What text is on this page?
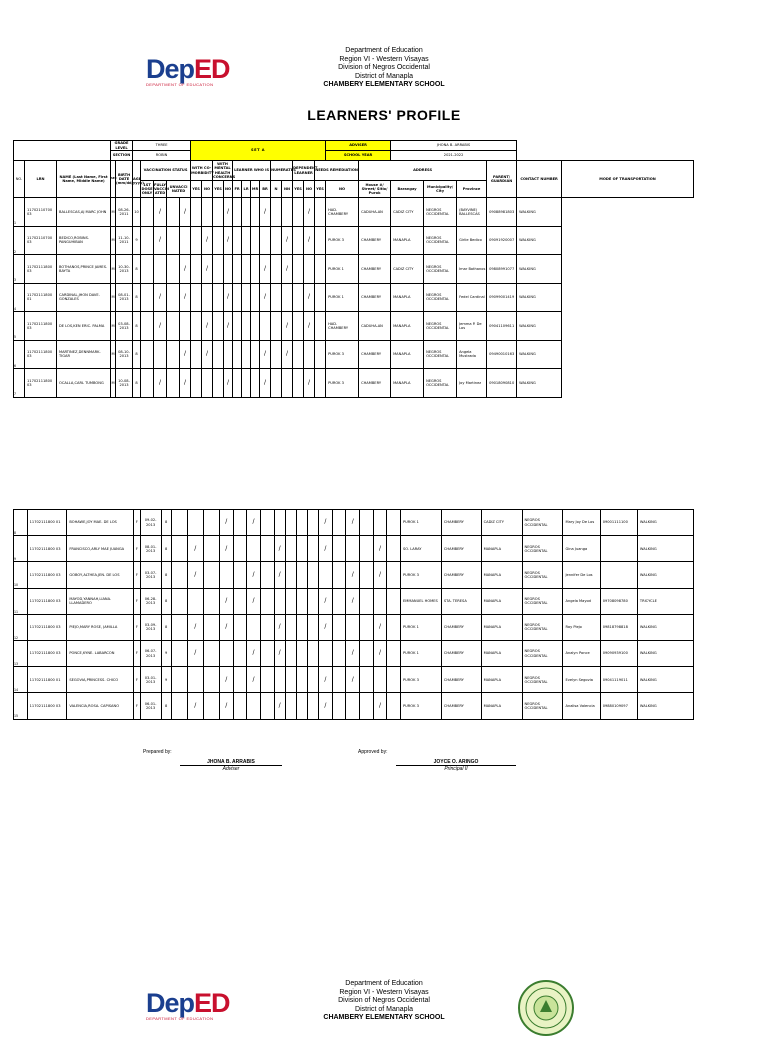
DepED
DEPARTMENT OF EDUCATION
Department of Education
Region VI - Western Visayas
Division of Negros Occidental
District of Manapla
CHAMBERY ELEMENTARY SCHOOL
LEARNERS' PROFILE
			GRADE LEVEL		THREE					SET A													ADVISER		JHONA B. ARRABIS					
			SECTION		ROBIN																		SCHOOL YEAR		2021-2022					
NO.	LRN	NAME (Last Name, First Name, Middle Name)	SEX	BIRTH DATE (mm/dd/yyyy)	AGE	VACCINATION STATUS				WITH CO-MORBIDITY		WITH MENTAL HEALTH CONCERNS		LEARNER WHO IS				NUMERATES		DEPENDENT LEARNER		NEEDS REMEDIATION		ADDRESS				PARENT/ GUARDIAN	CONTACT NUMBER	MODE OF TRANSPORTATION
						1ST DOSE ONLY	FULLY VACCIN ATED	UNVACCI NATED		YES	NO	YES	NO	FR	LR	MR	BR	N	NN	YES	NO	YES	NO	House #/ Street/ Sitio/ Purok	Barangay	Municipality/ City	Province			
1	11702110700 03	BALLESCAS,AJ MARC JOHN	M	08-26-2011	10		/		/				/				/				/		HAD. CHAMBERY	CADUHA-AN	CADIZ CITY	NEGROS OCCIDENTAL	(BAYVINE) BALLESCAS	09088981803	WALKING	
2	11702110700 03	BEDICO,ROBINS. PANGUHIBAN	M	11-10-2011	9		/				/		/						/		/		PUROK 3	CHAMBERY	MANAPLA	NEGROS OCCIDENTAL	Girlie Bedico	09091920007	WALKING	
3	11702111800 03	BOTHANOS,PRINCE JAMES. BAYTA	M	10-30-2013	8				/		/						/		/				PUROK 1	CHAMBERY	CADIZ CITY	NEGROS OCCIDENTAL	Imar Bothanos	09808991077	WALKING	
4	11702111800 01	CARDINAL,JHON DAVE. GONZALES	M	08-01-2013	8		/		/				/				/				/		PUROK 1	CHAMBERY	MANAPLA	NEGROS OCCIDENTAL	Fedel Cardinal	09099001419	WALKING	
5	11702111800 03	DE LOS,KEN ERIC. PALMA	M	03-08-2013	8		/				/		/						/		/		HAD. CHAMBERY	CADUHA-AN	MANAPLA	NEGROS OCCIDENTAL	Jemma P. De Los	09041109611	WALKING	
6	11702111800 03	MARTINEZ,DENNMARK. TIGAR	M	08-10-2013	8				/		/						/		/				PUROK 3	CHAMBERY	MANAPLA	NEGROS OCCIDENTAL	Angela Mustrada	09490010163	WALKING	
7	11702111800 03	OCALLA,CARL TUMBONG	M	10-08-2013	8		/		/				/				/				/		PUROK 3	CHAMBERY	MANAPLA	NEGROS OCCIDENTAL	Joy Martinez	09018090810	WALKING	
8	11702111800 01	BOHAWE,JOY MAE. DE LOS	F	09-02-2013	8				/		/						/		/				PUROK 1	CHAMBERY	CADIZ CITY	NEGROS OCCIDENTAL	Mary Joy De Los	09001111100	WALKING
9	11702111800 03	FRANCISCO,ARLY MAE JUANGA	F	08-01-2013	8		/		/				/				/				/		SO. LARAY	CHAMBERY	MANAPLA	NEGROS OCCIDENTAL	Gina Juanga		WALKING
10	11702111800 03	GOBOY,ALTHEA,JEN. DE LOS	F	03-07-2013	8		/				/		/						/		/		PUROK 3	CHAMBERY	MANAPLA	NEGROS OCCIDENTAL	Jennifer De Los		WALKING
11	11702111800 03	MAYOD,YANNAH,LIANA. LLAMADERO	F	06-28-2013	8				/		/						/		/				EMMANUEL HOMES	STA. TERESA	MANAPLA	NEGROS OCCIDENTAL	Angela Mayod	09708098780	TRICYCLE
12	11702111800 03	PIEJO,MARY ROSE, JAMILLA	F	03-09-2013	8		/		/				/				/				/		PUROK 1	CHAMBERY	MANAPLA	NEGROS OCCIDENTAL	Ray Piejo	09818798818	WALKING
13	11702111800 03	PONCE,KYNE. LABARCON	F	06-07-2013	9		/				/		/						/		/		PUROK 1	CHAMBERY	MANAPLA	NEGROS OCCIDENTAL	Analyn Ponce	09090939100	WALKING
14	11702111800 01	SEGOVIA,PRINCESS. CHICO	F	03-01-2013	9				/		/						/		/				PUROK 3	CHAMBERY	MANAPLA	NEGROS OCCIDENTAL	Evelyn Segovia	09041119011	WALKING
15	11702111800 03	VALENCIA,ROSA. CAPISANO	F	06-01-2013	8		/		/				/				/				/		PUROK 3	CHAMBERY	MANAPLA	NEGROS OCCIDENTAL	Analisa Valencia	09880109097	WALKING
Prepared by:	Approved by:
JHONA B. ARRABIS
Adviser
JOYCE O. ARINGO
Principal II
DepED
DEPARTMENT OF EDUCATION
Department of Education
Region VI - Western Visayas
Division of Negros Occidental
District of Manapla
CHAMBERY ELEMENTARY SCHOOL
